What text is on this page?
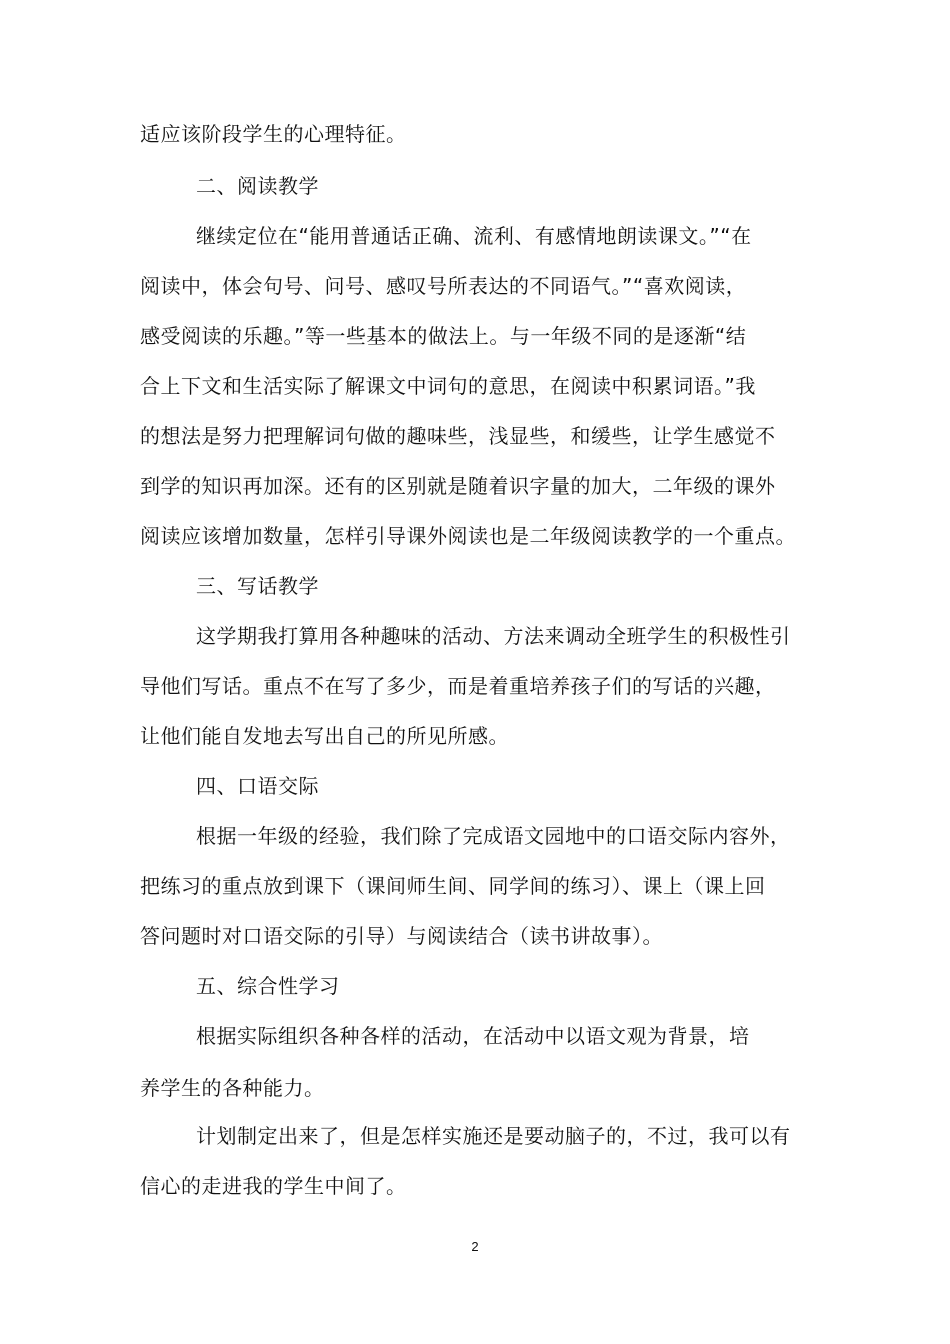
适应该阶段学生的心理特征。
二、阅读教学
继续定位在“能用普通话正确、流利、有感情地朗读课文。”“在
阅读中，体会句号、问号、感叹号所表达的不同语气。”“喜欢阅读，
感受阅读的乐趣。”等一些基本的做法上。与一年级不同的是逐渐“结
合上下文和生活实际了解课文中词句的意思，在阅读中积累词语。”我
的想法是努力把理解词句做的趣味些，浅显些，和缓些，让学生感觉不
到学的知识再加深。还有的区别就是随着识字量的加大，二年级的课外
阅读应该增加数量，怎样引导课外阅读也是二年级阅读教学的一个重点。
三、写话教学
这学期我打算用各种趣味的活动、方法来调动全班学生的积极性引
导他们写话。重点不在写了多少，而是着重培养孩子们的写话的兴趣，
让他们能自发地去写出自己的所见所感。
四、口语交际
根据一年级的经验，我们除了完成语文园地中的口语交际内容外，
把练习的重点放到课下（课间师生间、同学间的练习）、课上（课上回
答问题时对口语交际的引导）与阅读结合（读书讲故事）。
五、综合性学习
根据实际组织各种各样的活动，在活动中以语文观为背景，培
养学生的各种能力。
计划制定出来了，但是怎样实施还是要动脑子的，不过，我可以有
信心的走进我的学生中间了。
2
